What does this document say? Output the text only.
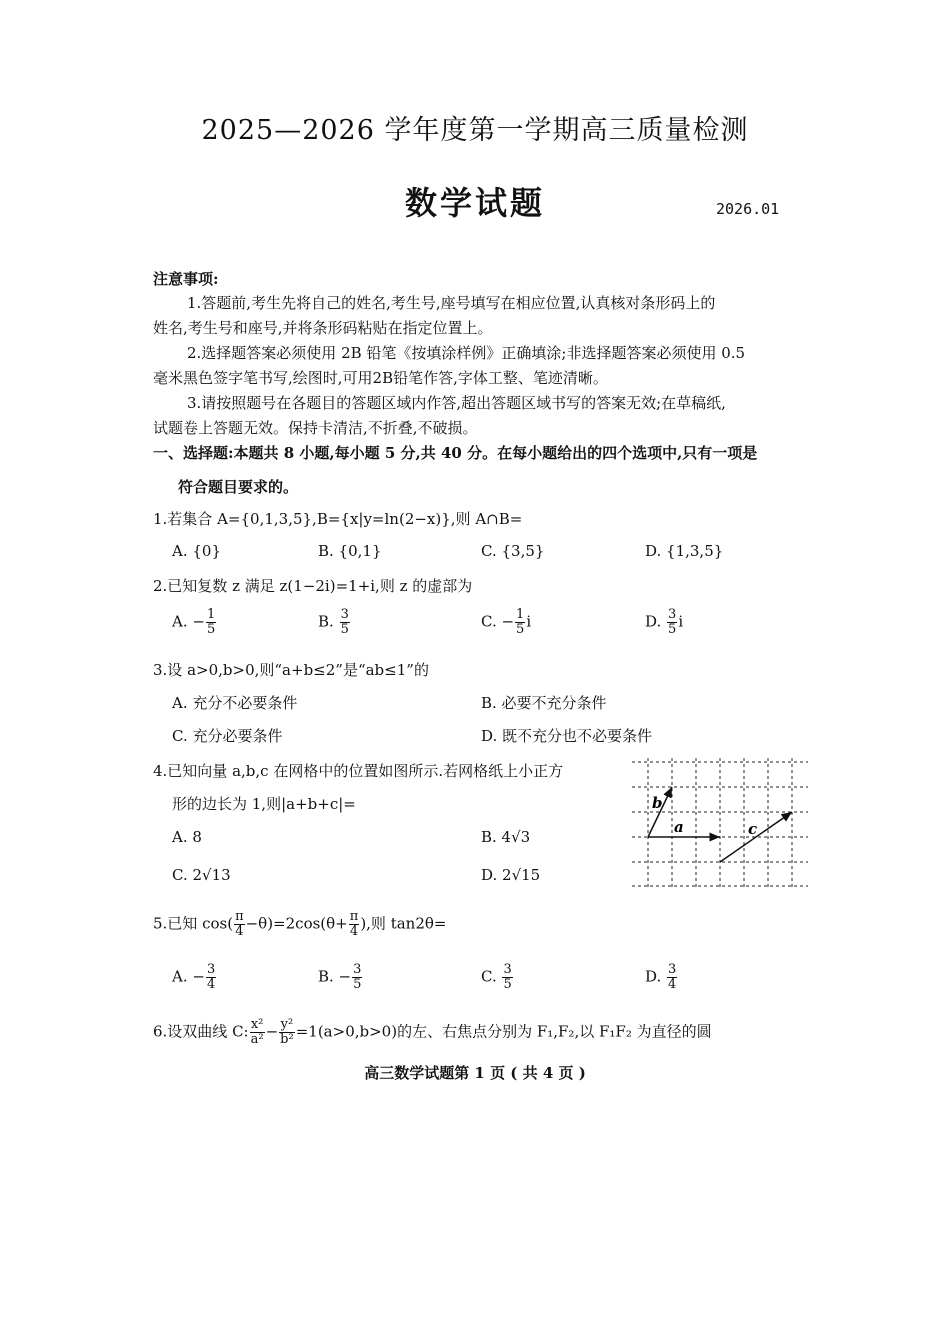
2025—2026 学年度第一学期高三质量检测
数学试题	2026.01
注意事项:
1.答题前,考生先将自己的姓名,考生号,座号填写在相应位置,认真核对条形码上的
姓名,考生号和座号,并将条形码粘贴在指定位置上。
2.选择题答案必须使用 2B 铅笔《按填涂样例》正确填涂;非选择题答案必须使用 0.5
毫米黑色签字笔书写,绘图时,可用2B铅笔作答,字体工整、笔迹清晰。
3.请按照题号在各题目的答题区域内作答,超出答题区域书写的答案无效;在草稿纸,
试题卷上答题无效。保持卡清洁,不折叠,不破损。
一、选择题:本题共 8 小题,每小题 5 分,共 40 分。在每小题给出的四个选项中,只有一项是
符合题目要求的。
1.若集合 A={0,1,3,5},B={x|y=ln(2−x)},则 A∩B=
A. {0}	B. {0,1}	C. {3,5}	D. {1,3,5}
2.已知复数 z 满足 z(1−2i)=1+i,则 z 的虚部为
A. − $\frac{1}{5}$	B. $\frac{3}{5}$	C. − $\frac{1}{5}$ i	D. $\frac{3}{5}$ i
3.设 a>0,b>0,则“a+b≤2”是“ab≤1”的
A. 充分不必要条件	B. 必要不充分条件
C. 充分必要条件	D. 既不充分也不必要条件
4.已知向量 a,b,c 在网格中的位置如图所示.若网格纸上小正方
形的边长为 1,则|a+b+c|=
A. 8	B. 4√3
C. 2√13	D. 2√15
b
a	c
5.已知 $\cos( \frac{\pi}{4} -\theta)=2\cos(\theta+ \frac{\pi}{4}$ ),则 tan2θ=
A. − $\frac{3}{4}$	B. − $\frac{3}{5}$	C. $\frac{3}{5}$	D. $\frac{3}{4}$
6.设双曲线 C: $\frac{\text{x²}}{\text{a²}} - \frac{\text{y²}}{\text{b²}} =1(a>0,b>0)$的左、右焦点分别为 F₁,F₂,以 F₁F₂ 为直径的圆
高三数学试题第 1 页 ( 共 4 页 )
